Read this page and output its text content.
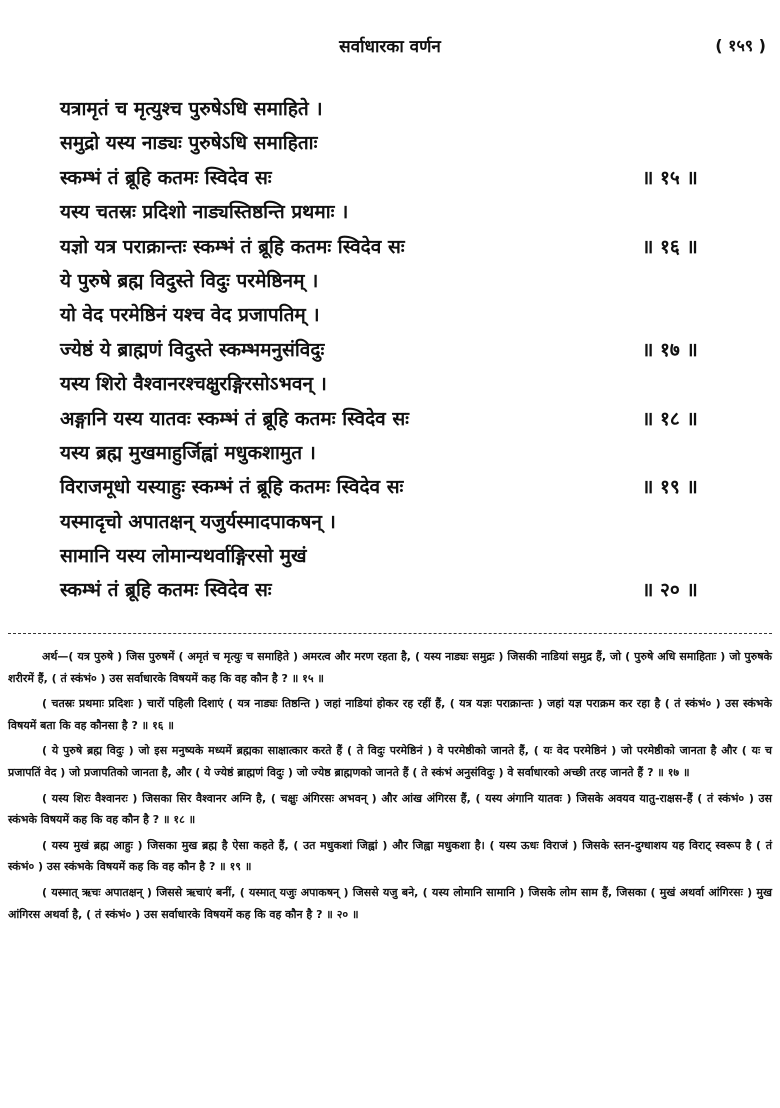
सर्वाधारका वर्णन	( १५९ )
यत्रामृतं च मृत्युश्च पुरुषेऽधि समाहिते ।
समुद्रो यस्य नाड्यः पुरुषेऽधि समाहिताः
स्कम्भं तं ब्रूहि कतमः स्विदेव सः	॥ १५ ॥
यस्य चतस्रः प्रदिशो नाड्यस्तिष्ठन्ति प्रथमाः ।
यज्ञो यत्र पराक्रान्तः स्कम्भं तं ब्रूहि कतमः स्विदेव सः	॥ १६ ॥
ये पुरुषे ब्रह्म विदुस्ते विदुः परमेष्ठिनम् ।
यो वेद परमेष्ठिनं यश्च वेद प्रजापतिम् ।
ज्येष्ठं ये ब्राह्मणं विदुस्ते स्कम्भमनुसंविदुः	॥ १७ ॥
यस्य शिरो वैश्वानरश्चक्षुरङ्गिरसोऽभवन् ।
अङ्गानि यस्य यातवः स्कम्भं तं ब्रूहि कतमः स्विदेव सः	॥ १८ ॥
यस्य ब्रह्म मुखमाहुर्जिह्वां मधुकशामुत ।
विराजमूधो यस्याहुः स्कम्भं तं ब्रूहि कतमः स्विदेव सः	॥ १९ ॥
यस्मादृचो अपातक्षन् यजुर्यस्मादपाकषन् ।
सामानि यस्य लोमान्यथर्वाङ्गिरसो मुखं
स्कम्भं तं ब्रूहि कतमः स्विदेव सः	॥ २० ॥

अर्थ—( यत्र पुरुषे ) जिस पुरुषमें ( अमृतं च मृत्युः च समाहिते ) अमरत्व और मरण रहता है, ( यस्य नाड्यः समुद्रः ) जिसकी नाडियां समुद्र हैं, जो ( पुरुषे अधि समाहिताः ) जो पुरुषके शरीरमें हैं, ( तं स्कंभं० ) उस सर्वाधारके विषयमें कह कि वह कौन है ? ॥ १५ ॥

( चतस्रः प्रथमाः प्रदिशः ) चारों पहिली दिशाएं ( यत्र नाड्यः तिष्ठन्ति ) जहां नाडियां होकर रह रहीं हैं, ( यत्र यज्ञः पराक्रान्तः ) जहां यज्ञ पराक्रम कर रहा है ( तं स्कंभं० ) उस स्कंभके विषयमें बता कि वह कौनसा है ? ॥ १६ ॥

( ये पुरुषे ब्रह्म विदुः ) जो इस मनुष्यके मध्यमें ब्रह्मका साक्षात्कार करते हैं ( ते विदुः परमेष्ठिनं ) वे परमेष्ठीको जानते हैं, ( यः वेद परमेष्ठिनं ) जो परमेष्ठीको जानता है और ( यः च प्रजापतिं वेद ) जो प्रजापतिको जानता है, और ( ये ज्येष्ठं ब्राह्मणं विदुः ) जो ज्येष्ठ ब्राह्मणको जानते हैं ( ते स्कंभं अनुसंविदुः ) वे सर्वाधारको अच्छी तरह जानते हैं ? ॥ १७ ॥

( यस्य शिरः वैश्वानरः ) जिसका सिर वैश्वानर अग्नि है, ( चक्षुः अंगिरसः अभवन् ) और आंख अंगिरस हैं, ( यस्य अंगानि यातवः ) जिसके अवयव यातु-राक्षस-हैं ( तं स्कंभं० ) उस स्कंभके विषयमें कह कि वह कौन है ? ॥ १८ ॥

( यस्य मुखं ब्रह्म आहुः ) जिसका मुख ब्रह्म है ऐसा कहते हैं, ( उत मधुकशां जिह्वां ) और जिह्वा मधुकशा है। ( यस्य ऊधः विराजं ) जिसके स्तन-दुग्धाशय यह विराट् स्वरूप है ( तं स्कंभं० ) उस स्कंभके विषयमें कह कि वह कौन है ? ॥ १९ ॥

( यस्मात् ऋचः अपातक्षन् ) जिससे ऋचाएं बनीं, ( यस्मात् यजुः अपाकषन् ) जिससे यजु बने, ( यस्य लोमानि सामानि ) जिसके लोम साम हैं, जिसका ( मुखं अथर्वा आंगिरसः ) मुख आंगिरस अथर्वा है, ( तं स्कंभं० ) उस सर्वाधारके विषयमें कह कि वह कौन है ? ॥ २० ॥
